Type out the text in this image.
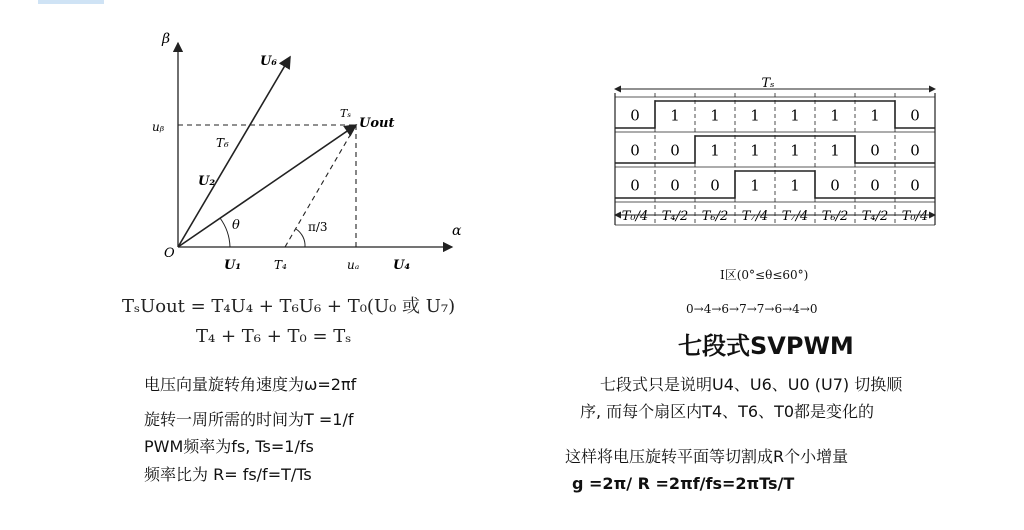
β
α
O
U₆
U₂
T₆
uᵦ
Tₛ
Uout
θ	π/3
U₁	T₄	uₐ	U₄
TₛUout = T₄U₄ + T₆U₆ + T₀(U₀ 或 U₇)
T₄ + T₆ + T₀ = Tₛ
电压向量旋转角速度为ω=2πf
旋转一周所需的时间为T =1/f
PWM频率为fs, Ts=1/fs
频率比为 R= fs/f=T/Ts
Tₛ
0 1 1 1 1 1 1 0
0 0 1 1 1 1 0 0
0 0 0 1 1 0 0 0
T₀/4 T₄/2 T₆/2 T₇/4 T₇/4 T₆/2 T₄/2 T₀/4
Ⅰ区(0°≤θ≤60°)
0→4→6→7→7→6→4→0
七段式SVPWM
七段式只是说明U4、U6、U0 (U7) 切换顺
序, 而每个扇区内T4、T6、T0都是变化的
这样将电压旋转平面等切割成R个小增量
g =2π/ R =2πf/fs=2πTs/T
